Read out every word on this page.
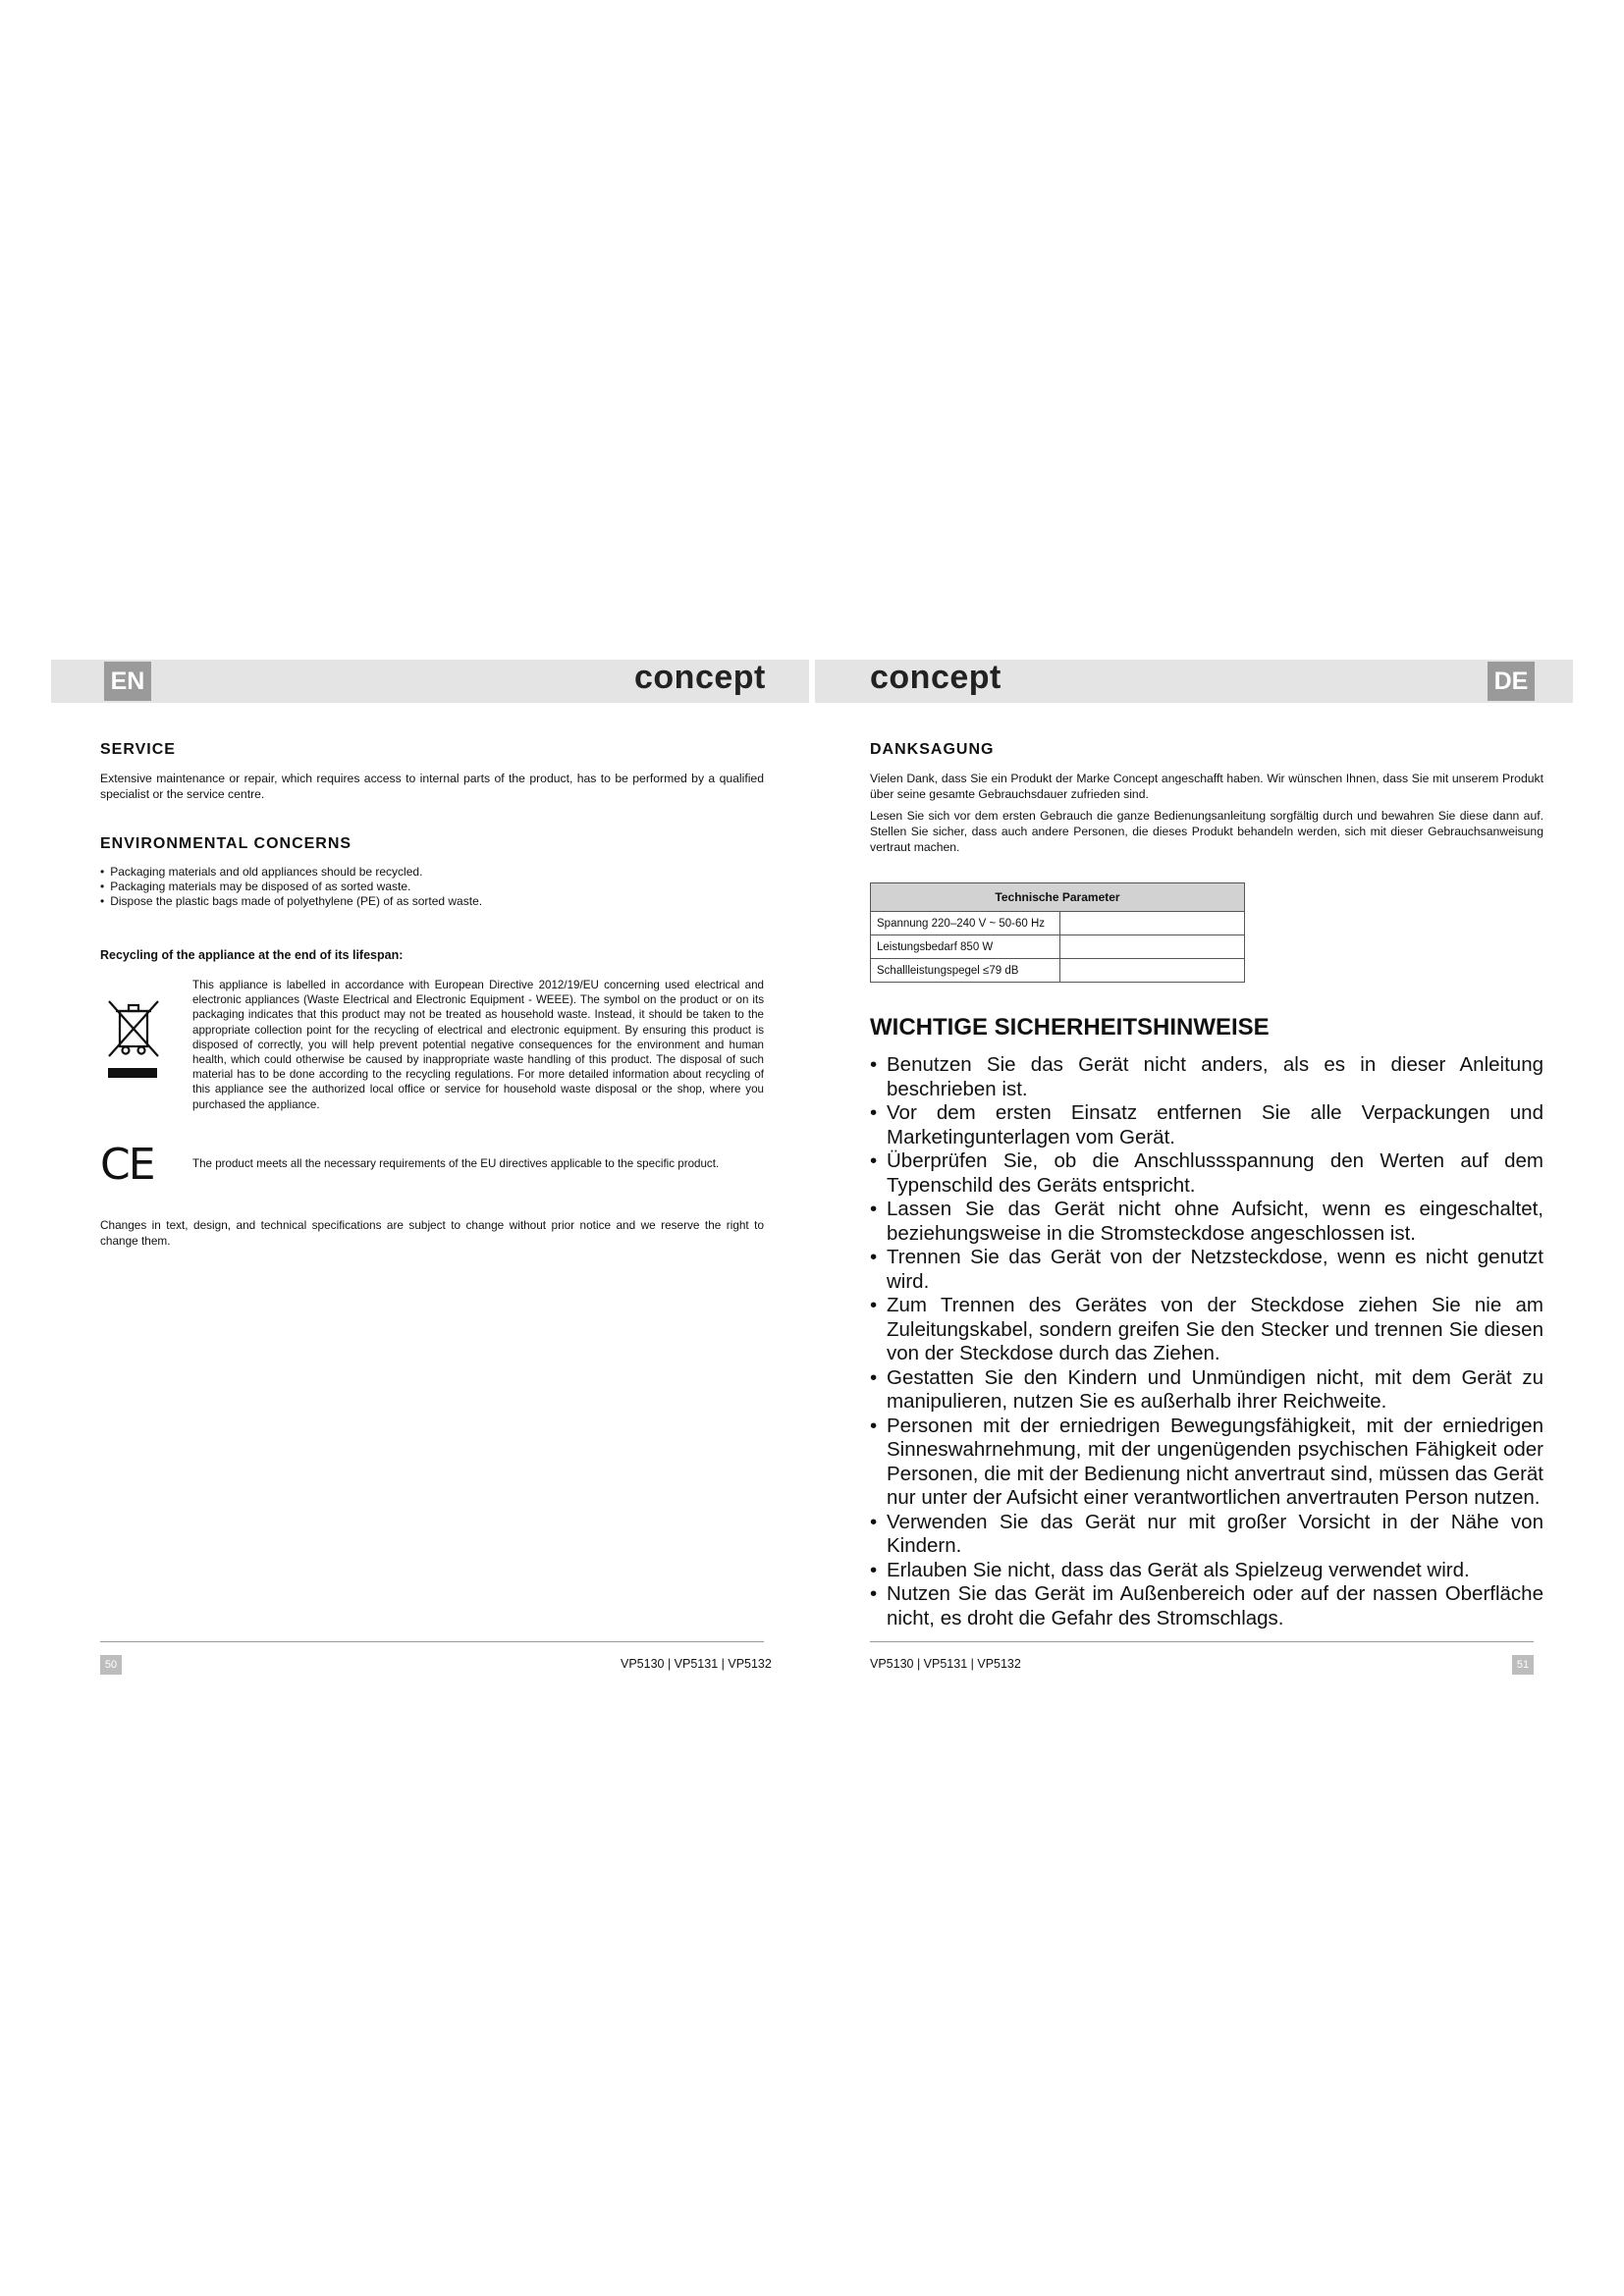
EN	DE
concept	concept
SERVICE

Extensive maintenance or repair, which requires access to internal parts of the product, has to be performed by a qualified specialist or the service centre.

ENVIRONMENTAL CONCERNS
• Packaging materials and old appliances should be recycled.
• Packaging materials may be disposed of as sorted waste.
• Dispose the plastic bags made of polyethylene (PE) of as sorted waste.

Recycling of the appliance at the end of its lifespan:

This appliance is labelled in accordance with European Directive 2012/19/EU concerning used electrical and electronic appliances (Waste Electrical and Electronic Equipment - WEEE). The symbol on the product or on its packaging indicates that this product may not be treated as household waste. Instead, it should be taken to the appropriate collection point for the recycling of electrical and electronic equipment. By ensuring this product is disposed of correctly, you will help prevent potential negative consequences for the environment and human health, which could otherwise be caused by inappropriate waste handling of this product. The disposal of such material has to be done according to the recycling regulations. For more detailed information about recycling of this appliance see the authorized local office or service for household waste disposal or the shop, where you purchased the appliance.

CE	The product meets all the necessary requirements of the EU directives applicable to the specific product.

Changes in text, design, and technical specifications are subject to change without prior notice and we reserve the right to change them.

DANKSAGUNG

Vielen Dank, dass Sie ein Produkt der Marke Concept angeschafft haben. Wir wünschen Ihnen, dass Sie mit unserem Produkt über seine gesamte Gebrauchsdauer zufrieden sind.

Lesen Sie sich vor dem ersten Gebrauch die ganze Bedienungsanleitung sorgfältig durch und bewahren Sie diese dann auf. Stellen Sie sicher, dass auch andere Personen, die dieses Produkt behandeln werden, sich mit dieser Gebrauchsanweisung vertraut machen.

Technische Parameter	
Spannung 220–240 V ~ 50-60 Hz	
Leistungsbedarf 850 W	
Schallleistungspegel ≤79 dB	
WICHTIGE SICHERHEITSHINWEISE
• Benutzen Sie das Gerät nicht anders, als es in dieser Anleitung beschrieben ist.
• Vor dem ersten Einsatz entfernen Sie alle Verpackungen und Marketingunterlagen vom Gerät.
• Überprüfen Sie, ob die Anschlussspannung den Werten auf dem Typenschild des Geräts entspricht.
• Lassen Sie das Gerät nicht ohne Aufsicht, wenn es eingeschaltet, beziehungsweise in die Stromsteckdose angeschlossen ist.
• Trennen Sie das Gerät von der Netzsteckdose, wenn es nicht genutzt wird.
• Zum Trennen des Gerätes von der Steckdose ziehen Sie nie am Zuleitungskabel, sondern greifen Sie den Stecker und trennen Sie diesen von der Steckdose durch das Ziehen.
• Gestatten Sie den Kindern und Unmündigen nicht, mit dem Gerät zu manipulieren, nutzen Sie es außerhalb ihrer Reichweite.
• Personen mit der erniedrigen Bewegungsfähigkeit, mit der erniedrigen Sinneswahrnehmung, mit der ungenügenden psychischen Fähigkeit oder Personen, die mit der Bedienung nicht anvertraut sind, müssen das Gerät nur unter der Aufsicht einer verantwortlichen anvertrauten Person nutzen.
• Verwenden Sie das Gerät nur mit großer Vorsicht in der Nähe von Kindern.
• Erlauben Sie nicht, dass das Gerät als Spielzeug verwendet wird.
• Nutzen Sie das Gerät im Außenbereich oder auf der nassen Oberfläche nicht, es droht die Gefahr des Stromschlags.
50	VP5130 | VP5131 | VP5132	VP5130 | VP5131 | VP5132	51
